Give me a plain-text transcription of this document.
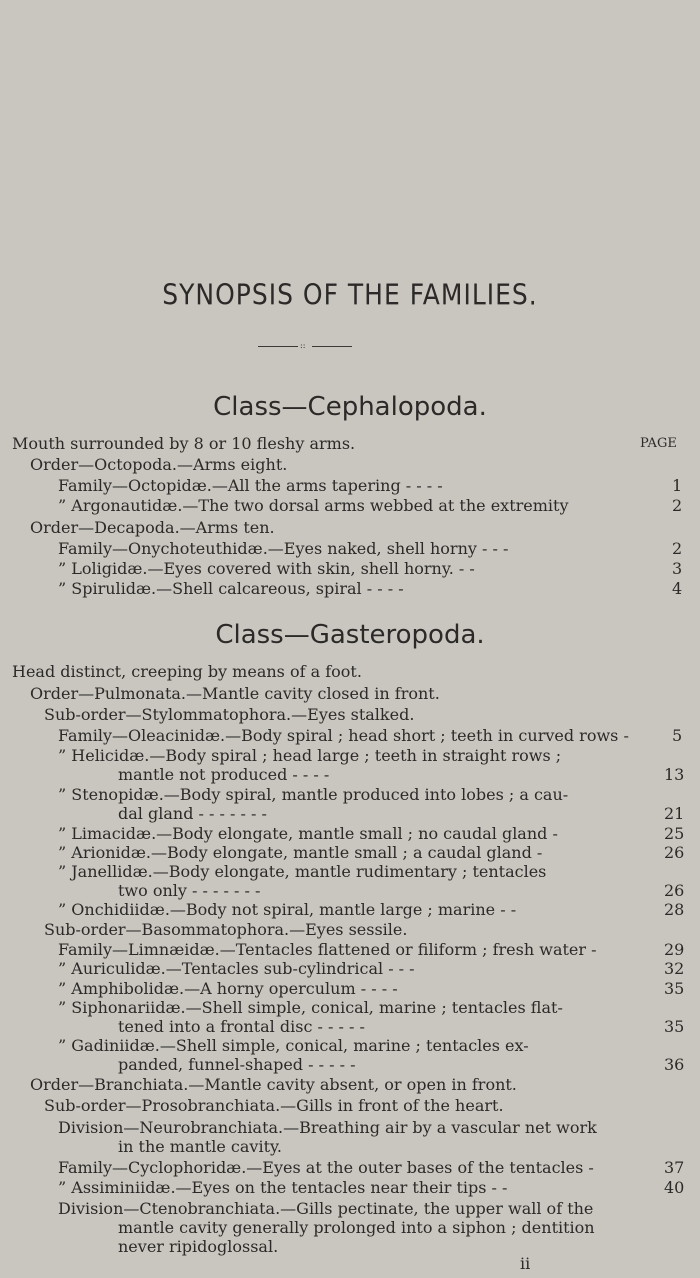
SYNOPSIS OF THE FAMILIES.
::
Class—Cephalopoda.
Mouth surrounded by 8 or 10 fleshy arms.	PAGE
Order—Octopoda.—Arms eight.
Family—Octopidæ.—All the arms tapering - - - -	1
” Argonautidæ.—The two dorsal arms webbed at the extremity	2
Order—Decapoda.—Arms ten.
Family—Onychoteuthidæ.—Eyes naked, shell horny - - -	2
” Loligidæ.—Eyes covered with skin, shell horny. - -	3
” Spirulidæ.—Shell calcareous, spiral - - - -	4
Class—Gasteropoda.
Head distinct, creeping by means of a foot.
Order—Pulmonata.—Mantle cavity closed in front.
Sub-order—Stylommatophora.—Eyes stalked.
Family—Oleacinidæ.—Body spiral ; head short ; teeth in curved rows -	5
” Helicidæ.—Body spiral ; head large ; teeth in straight rows ;
mantle not produced - - - -	13
” Stenopidæ.—Body spiral, mantle produced into lobes ; a cau-
dal gland - - - - - - -	21
” Limacidæ.—Body elongate, mantle small ; no caudal gland -	25
” Arionidæ.—Body elongate, mantle small ; a caudal gland -	26
” Janellidæ.—Body elongate, mantle rudimentary ; tentacles
two only - - - - - - -	26
” Onchidiidæ.—Body not spiral, mantle large ; marine - -	28
Sub-order—Basommatophora.—Eyes sessile.
Family—Limnæidæ.—Tentacles flattened or filiform ; fresh water -	29
” Auriculidæ.—Tentacles sub-cylindrical - - -	32
” Amphibolidæ.—A horny operculum - - - -	35
” Siphonariidæ.—Shell simple, conical, marine ; tentacles flat-
tened into a frontal disc - - - - -	35
” Gadiniidæ.—Shell simple, conical, marine ; tentacles ex-
panded, funnel-shaped - - - - -	36
Order—Branchiata.—Mantle cavity absent, or open in front.
Sub-order—Prosobranchiata.—Gills in front of the heart.
Division—Neurobranchiata.—Breathing air by a vascular net work
in the mantle cavity.
Family—Cyclophoridæ.—Eyes at the outer bases of the tentacles -	37
” Assiminiidæ.—Eyes on the tentacles near their tips - -	40
Division—Ctenobranchiata.—Gills pectinate, the upper wall of the
mantle cavity generally prolonged into a siphon ; dentition
never ripidoglossal.
ii
